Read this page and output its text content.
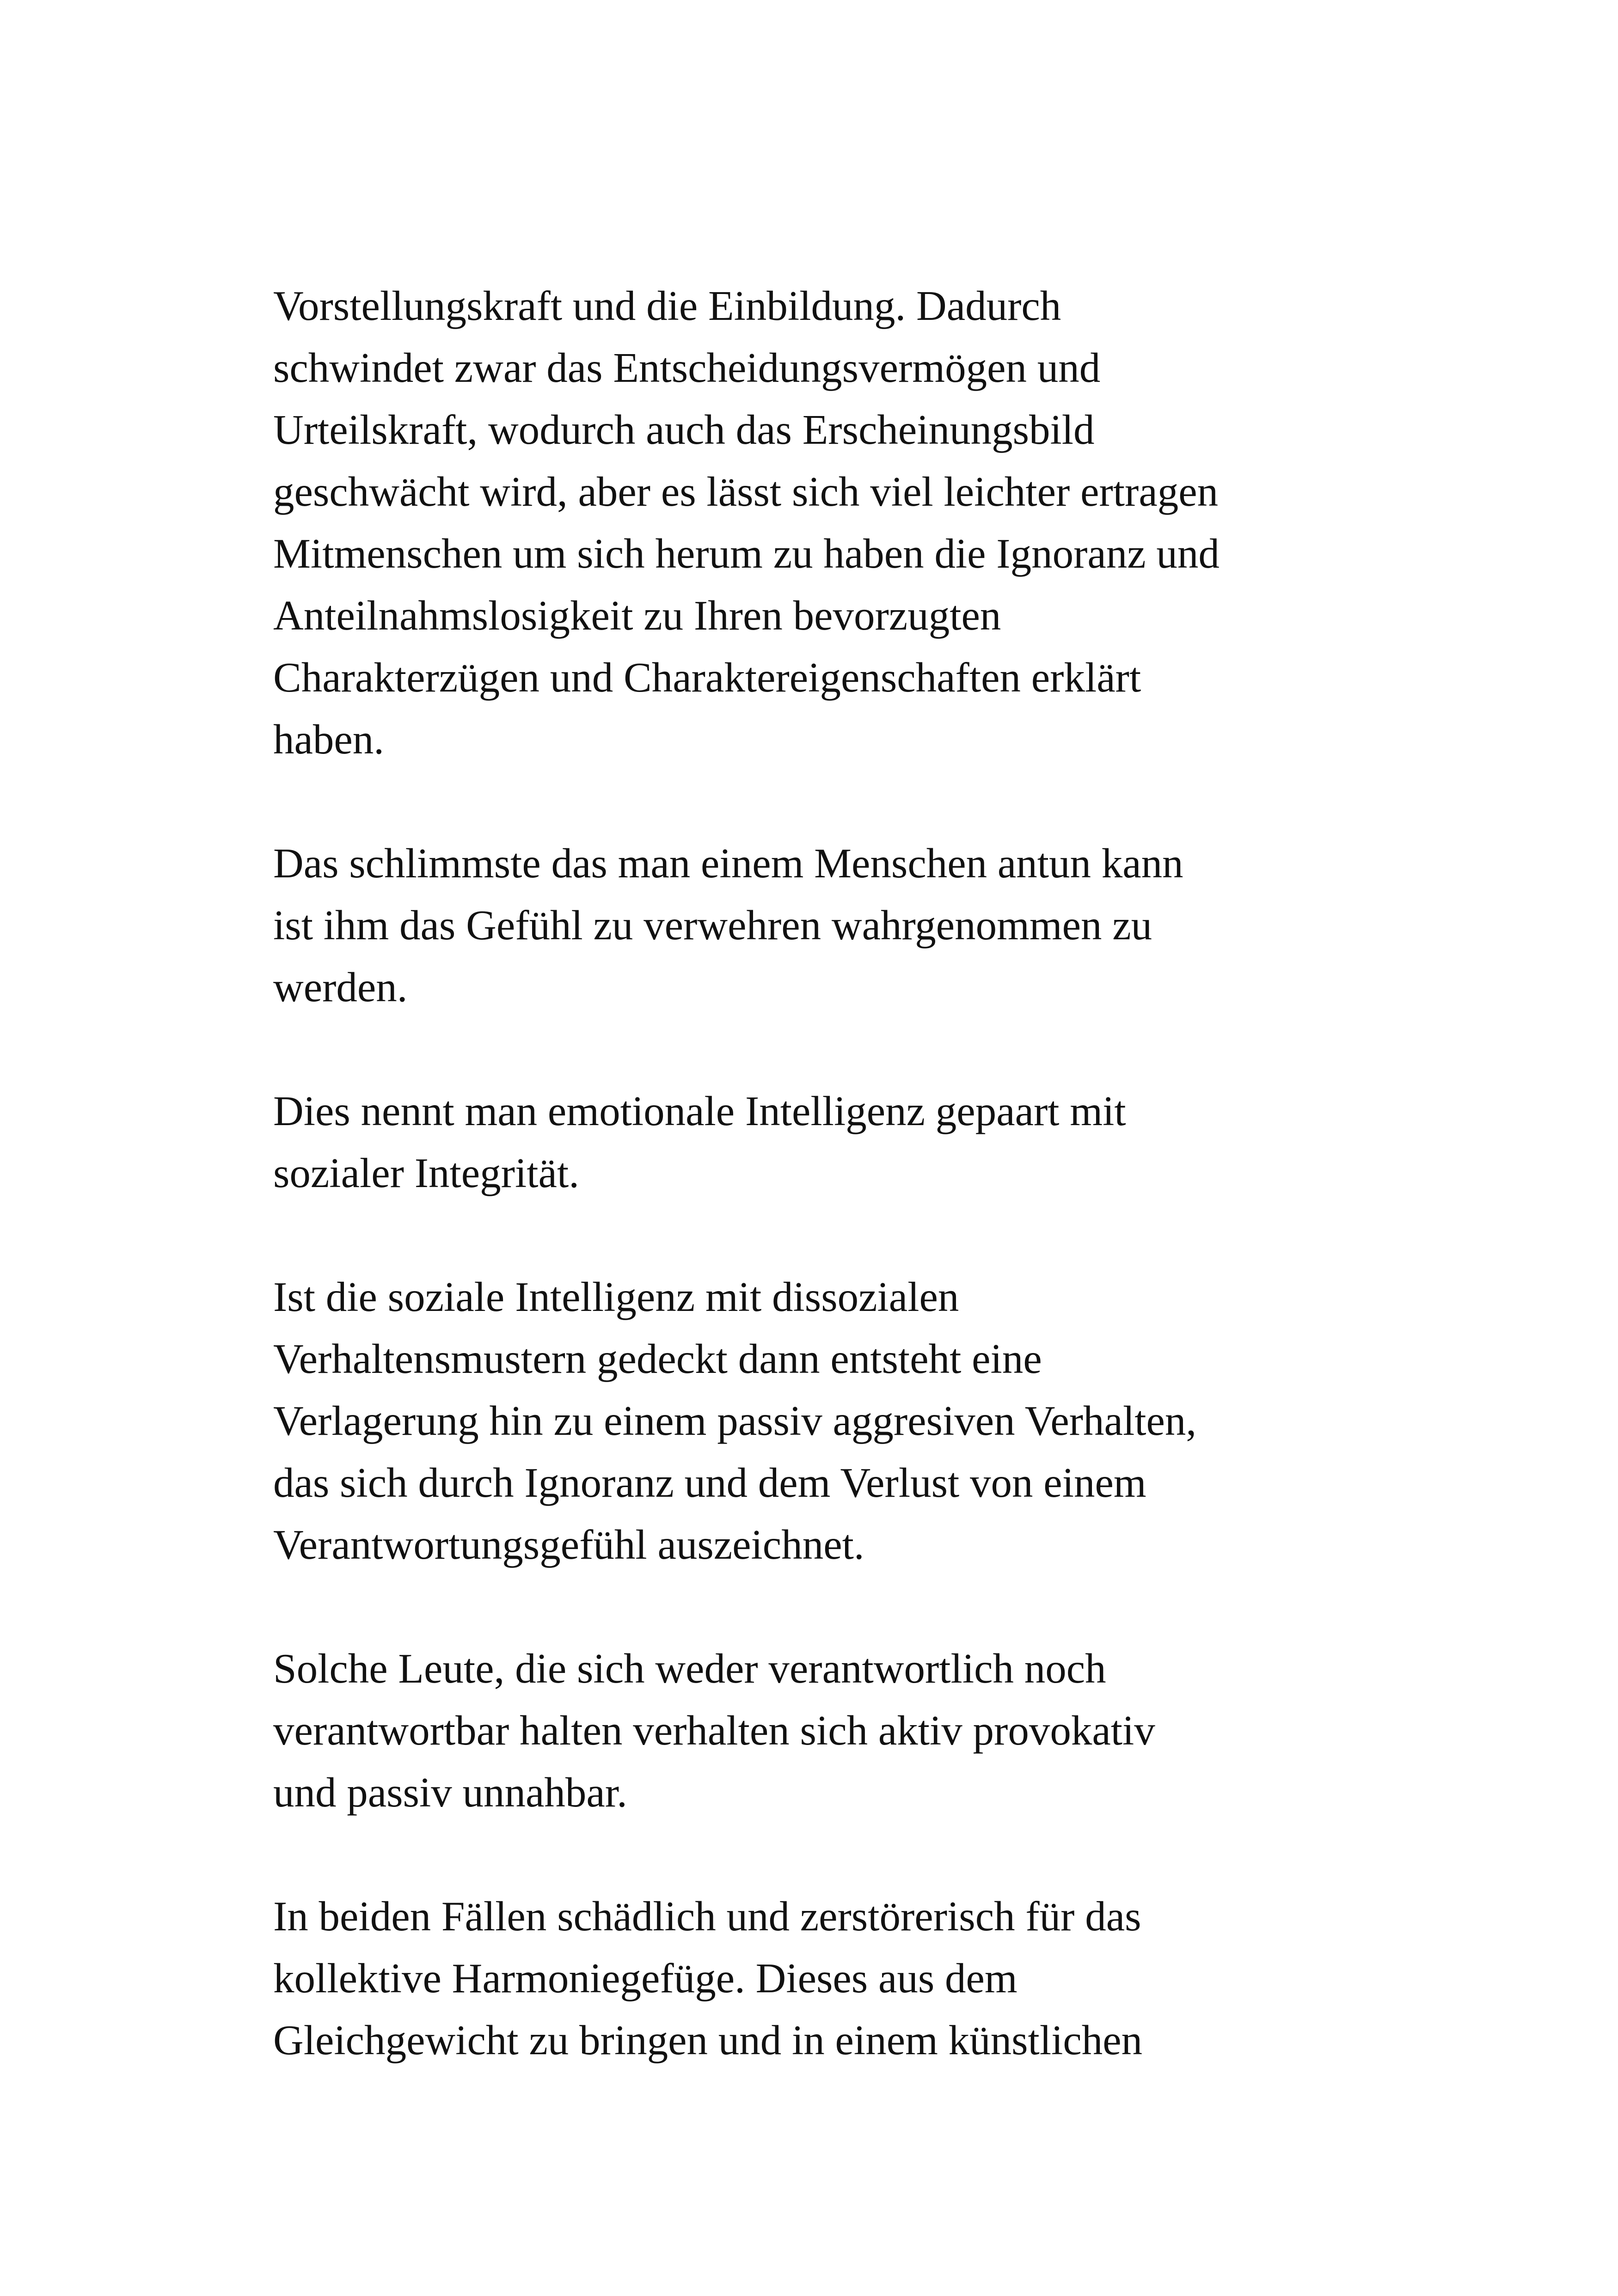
Vorstellungskraft und die Einbildung. Dadurch
schwindet zwar das Entscheidungsvermögen und
Urteilskraft, wodurch auch das Erscheinungsbild
geschwächt wird, aber es lässt sich viel leichter ertragen
Mitmenschen um sich herum zu haben die Ignoranz und
Anteilnahmslosigkeit zu Ihren bevorzugten
Charakterzügen und Charaktereigenschaften erklärt
haben.

Das schlimmste das man einem Menschen antun kann
ist ihm das Gefühl zu verwehren wahrgenommen zu
werden.

Dies nennt man emotionale Intelligenz gepaart mit
sozialer Integrität.

Ist die soziale Intelligenz mit dissozialen
Verhaltensmustern gedeckt dann entsteht eine
Verlagerung hin zu einem passiv aggresiven Verhalten,
das sich durch Ignoranz und dem Verlust von einem
Verantwortungsgefühl auszeichnet.

Solche Leute, die sich weder verantwortlich noch
verantwortbar halten verhalten sich aktiv provokativ
und passiv unnahbar.

In beiden Fällen schädlich und zerstörerisch für das
kollektive Harmoniegefüge. Dieses aus dem
Gleichgewicht zu bringen und in einem künstlichen
